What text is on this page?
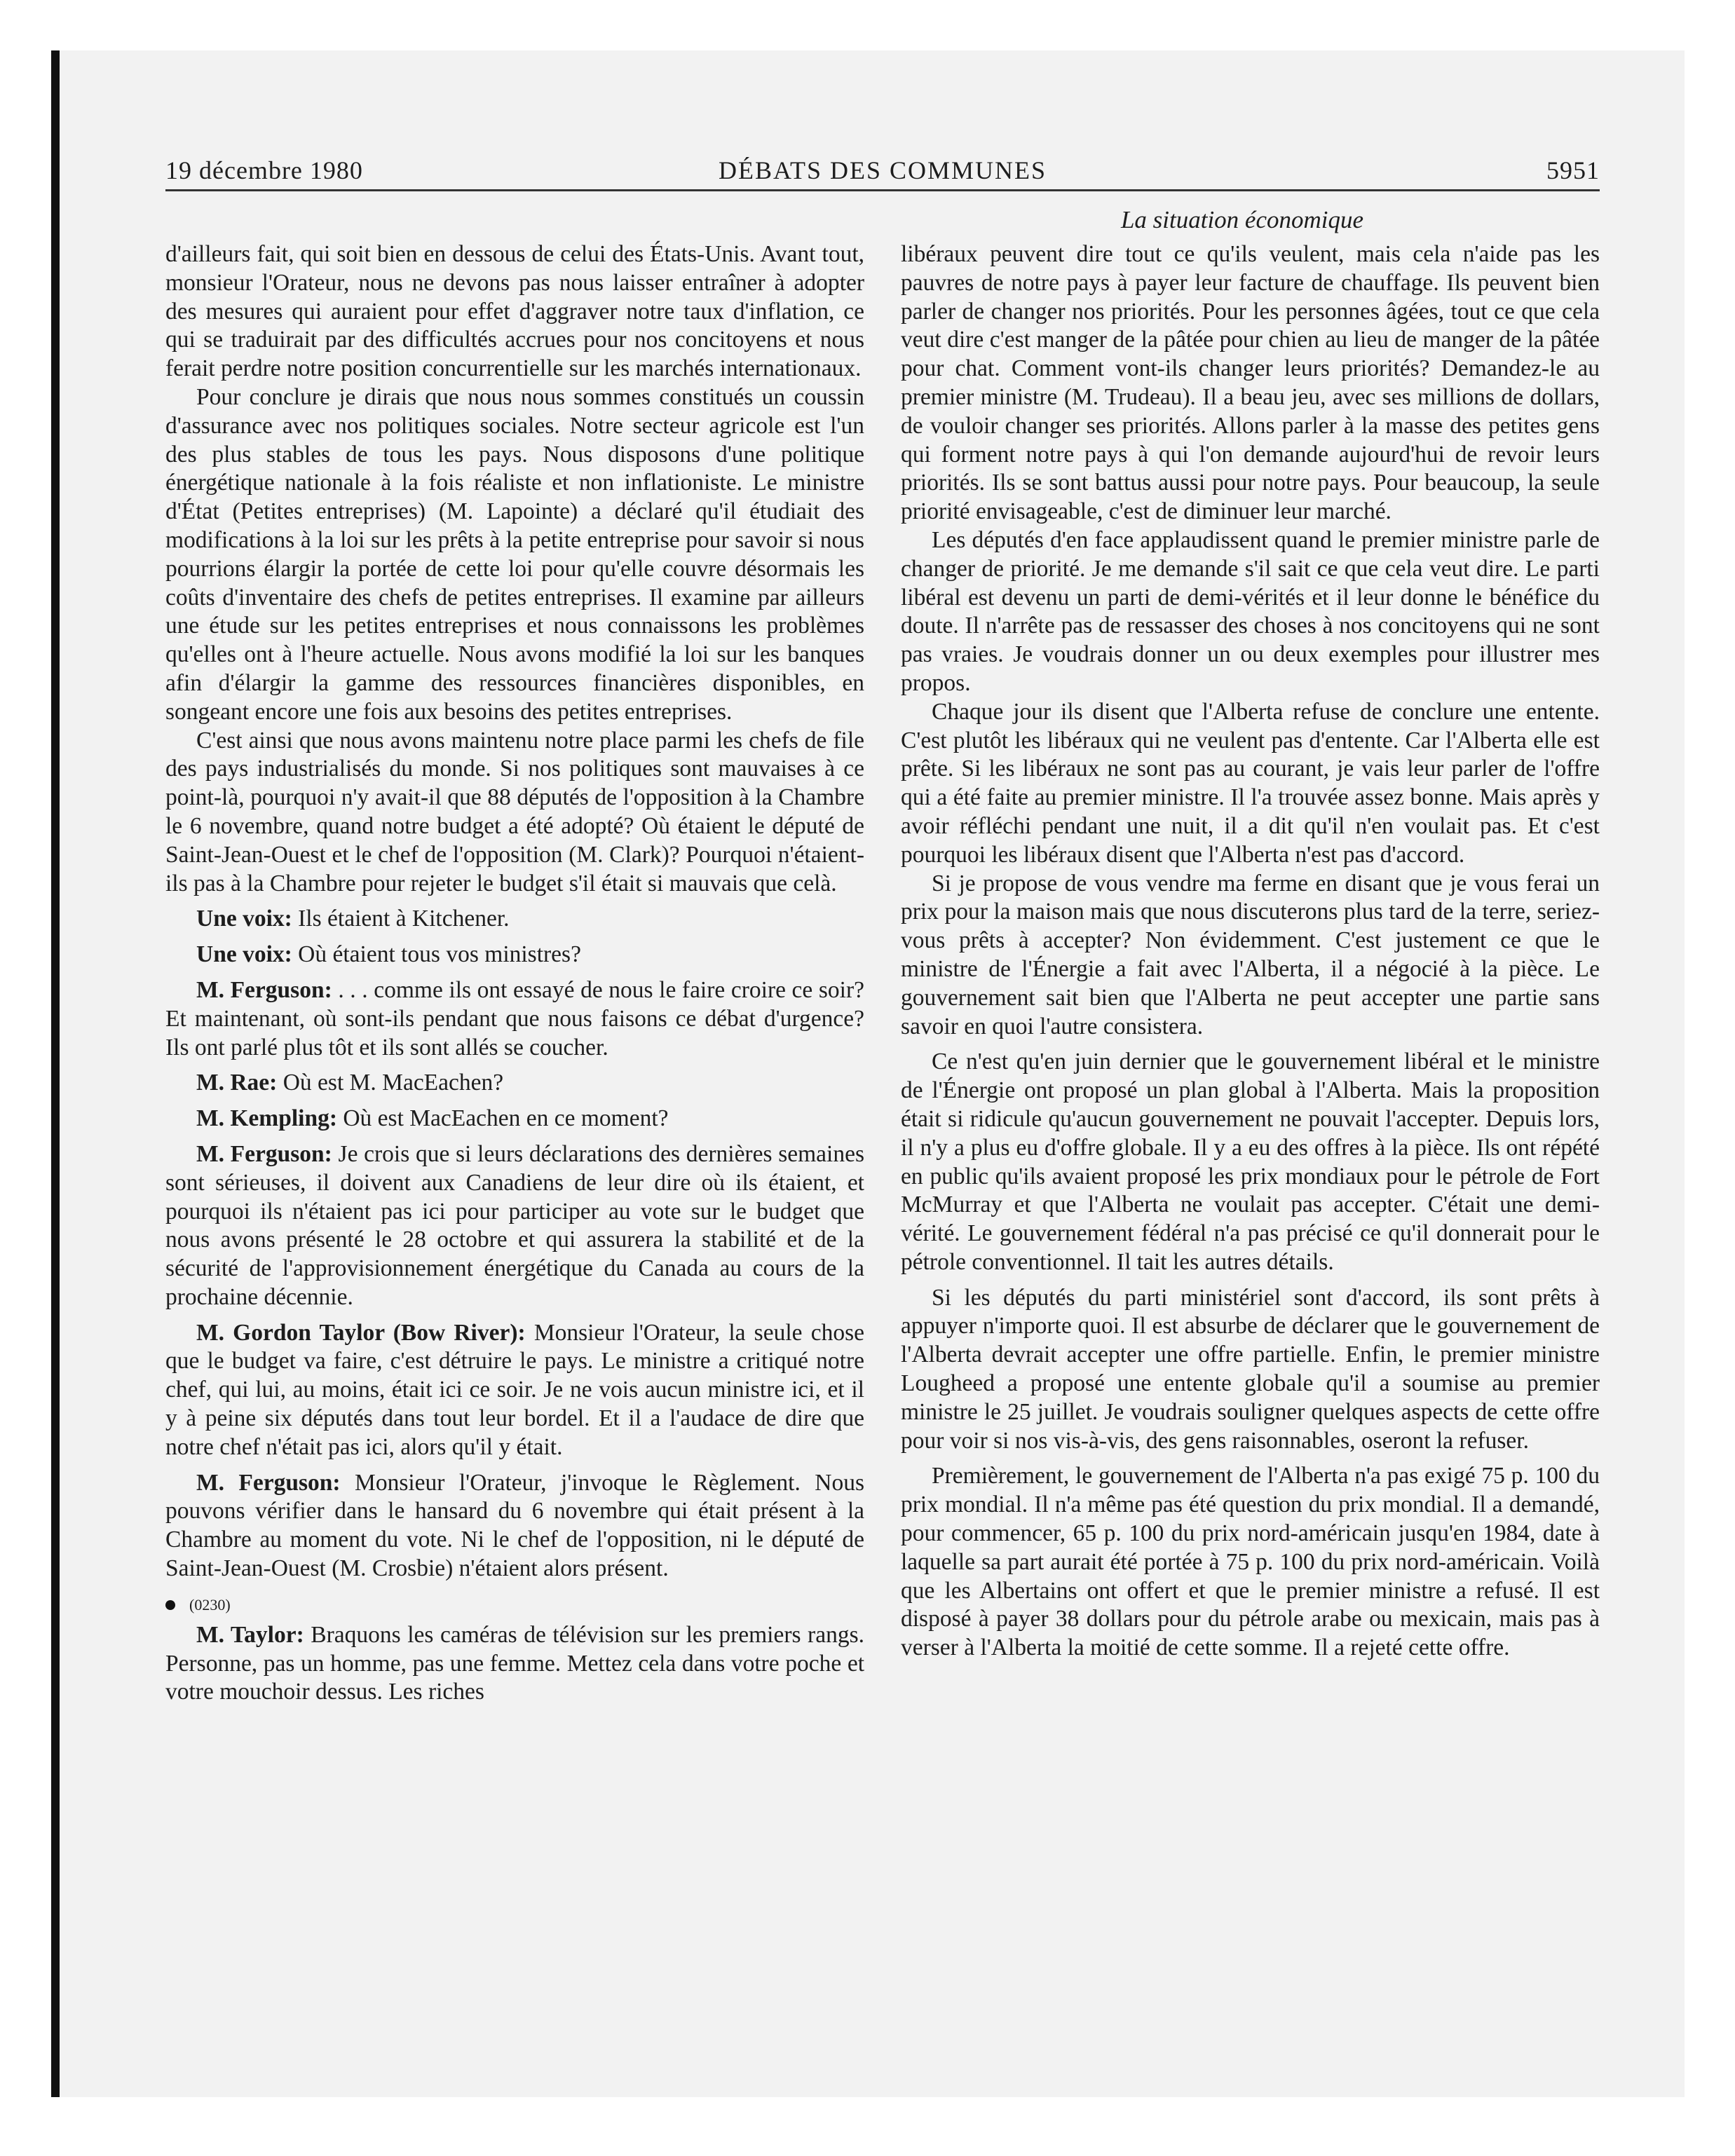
19 décembre 1980	DÉBATS DES COMMUNES	5951
La situation économique

d'ailleurs fait, qui soit bien en dessous de celui des États-Unis. Avant tout, monsieur l'Orateur, nous ne devons pas nous laisser entraîner à adopter des mesures qui auraient pour effet d'aggraver notre taux d'inflation, ce qui se traduirait par des difficultés accrues pour nos concitoyens et nous ferait perdre notre position concurrentielle sur les marchés internationaux.

Pour conclure je dirais que nous nous sommes constitués un coussin d'assurance avec nos politiques sociales. Notre secteur agricole est l'un des plus stables de tous les pays. Nous disposons d'une politique énergétique nationale à la fois réaliste et non inflationiste. Le ministre d'État (Petites entreprises) (M. Lapointe) a déclaré qu'il étudiait des modifications à la loi sur les prêts à la petite entreprise pour savoir si nous pourrions élargir la portée de cette loi pour qu'elle couvre désormais les coûts d'inventaire des chefs de petites entreprises. Il examine par ailleurs une étude sur les petites entreprises et nous connaissons les problèmes qu'elles ont à l'heure actuelle. Nous avons modifié la loi sur les banques afin d'élargir la gamme des ressources financières disponibles, en songeant encore une fois aux besoins des petites entreprises.

C'est ainsi que nous avons maintenu notre place parmi les chefs de file des pays industrialisés du monde. Si nos politiques sont mauvaises à ce point-là, pourquoi n'y avait-il que 88 députés de l'opposition à la Chambre le 6 novembre, quand notre budget a été adopté? Où étaient le député de Saint-Jean-Ouest et le chef de l'opposition (M. Clark)? Pourquoi n'étaient-ils pas à la Chambre pour rejeter le budget s'il était si mauvais que celà.

Une voix: Ils étaient à Kitchener.

Une voix: Où étaient tous vos ministres?

M. Ferguson: . . . comme ils ont essayé de nous le faire croire ce soir? Et maintenant, où sont-ils pendant que nous faisons ce débat d'urgence? Ils ont parlé plus tôt et ils sont allés se coucher.

M. Rae: Où est M. MacEachen?

M. Kempling: Où est MacEachen en ce moment?

M. Ferguson: Je crois que si leurs déclarations des dernières semaines sont sérieuses, il doivent aux Canadiens de leur dire où ils étaient, et pourquoi ils n'étaient pas ici pour participer au vote sur le budget que nous avons présenté le 28 octobre et qui assurera la stabilité et de la sécurité de l'approvisionnement énergétique du Canada au cours de la prochaine décennie.

M. Gordon Taylor (Bow River): Monsieur l'Orateur, la seule chose que le budget va faire, c'est détruire le pays. Le ministre a critiqué notre chef, qui lui, au moins, était ici ce soir. Je ne vois aucun ministre ici, et il y à peine six députés dans tout leur bordel. Et il a l'audace de dire que notre chef n'était pas ici, alors qu'il y était.

M. Ferguson: Monsieur l'Orateur, j'invoque le Règlement. Nous pouvons vérifier dans le hansard du 6 novembre qui était présent à la Chambre au moment du vote. Ni le chef de l'opposition, ni le député de Saint-Jean-Ouest (M. Crosbie) n'étaient alors présent.

(0230)

M. Taylor: Braquons les caméras de télévision sur les premiers rangs. Personne, pas un homme, pas une femme. Mettez cela dans votre poche et votre mouchoir dessus. Les riches

libéraux peuvent dire tout ce qu'ils veulent, mais cela n'aide pas les pauvres de notre pays à payer leur facture de chauffage. Ils peuvent bien parler de changer nos priorités. Pour les personnes âgées, tout ce que cela veut dire c'est manger de la pâtée pour chien au lieu de manger de la pâtée pour chat. Comment vont-ils changer leurs priorités? Demandez-le au premier ministre (M. Trudeau). Il a beau jeu, avec ses millions de dollars, de vouloir changer ses priorités. Allons parler à la masse des petites gens qui forment notre pays à qui l'on demande aujourd'hui de revoir leurs priorités. Ils se sont battus aussi pour notre pays. Pour beaucoup, la seule priorité envisageable, c'est de diminuer leur marché.

Les députés d'en face applaudissent quand le premier ministre parle de changer de priorité. Je me demande s'il sait ce que cela veut dire. Le parti libéral est devenu un parti de demi-vérités et il leur donne le bénéfice du doute. Il n'arrête pas de ressasser des choses à nos concitoyens qui ne sont pas vraies. Je voudrais donner un ou deux exemples pour illustrer mes propos.

Chaque jour ils disent que l'Alberta refuse de conclure une entente. C'est plutôt les libéraux qui ne veulent pas d'entente. Car l'Alberta elle est prête. Si les libéraux ne sont pas au courant, je vais leur parler de l'offre qui a été faite au premier ministre. Il l'a trouvée assez bonne. Mais après y avoir réfléchi pendant une nuit, il a dit qu'il n'en voulait pas. Et c'est pourquoi les libéraux disent que l'Alberta n'est pas d'accord.

Si je propose de vous vendre ma ferme en disant que je vous ferai un prix pour la maison mais que nous discuterons plus tard de la terre, seriez-vous prêts à accepter? Non évidemment. C'est justement ce que le ministre de l'Énergie a fait avec l'Alberta, il a négocié à la pièce. Le gouvernement sait bien que l'Alberta ne peut accepter une partie sans savoir en quoi l'autre consistera.

Ce n'est qu'en juin dernier que le gouvernement libéral et le ministre de l'Énergie ont proposé un plan global à l'Alberta. Mais la proposition était si ridicule qu'aucun gouvernement ne pouvait l'accepter. Depuis lors, il n'y a plus eu d'offre globale. Il y a eu des offres à la pièce. Ils ont répété en public qu'ils avaient proposé les prix mondiaux pour le pétrole de Fort McMurray et que l'Alberta ne voulait pas accepter. C'était une demi-vérité. Le gouvernement fédéral n'a pas précisé ce qu'il donnerait pour le pétrole conventionnel. Il tait les autres détails.

Si les députés du parti ministériel sont d'accord, ils sont prêts à appuyer n'importe quoi. Il est absurbe de déclarer que le gouvernement de l'Alberta devrait accepter une offre partielle. Enfin, le premier ministre Lougheed a proposé une entente globale qu'il a soumise au premier ministre le 25 juillet. Je voudrais souligner quelques aspects de cette offre pour voir si nos vis-à-vis, des gens raisonnables, oseront la refuser.

Premièrement, le gouvernement de l'Alberta n'a pas exigé 75 p. 100 du prix mondial. Il n'a même pas été question du prix mondial. Il a demandé, pour commencer, 65 p. 100 du prix nord-américain jusqu'en 1984, date à laquelle sa part aurait été portée à 75 p. 100 du prix nord-américain. Voilà que les Albertains ont offert et que le premier ministre a refusé. Il est disposé à payer 38 dollars pour du pétrole arabe ou mexicain, mais pas à verser à l'Alberta la moitié de cette somme. Il a rejeté cette offre.
